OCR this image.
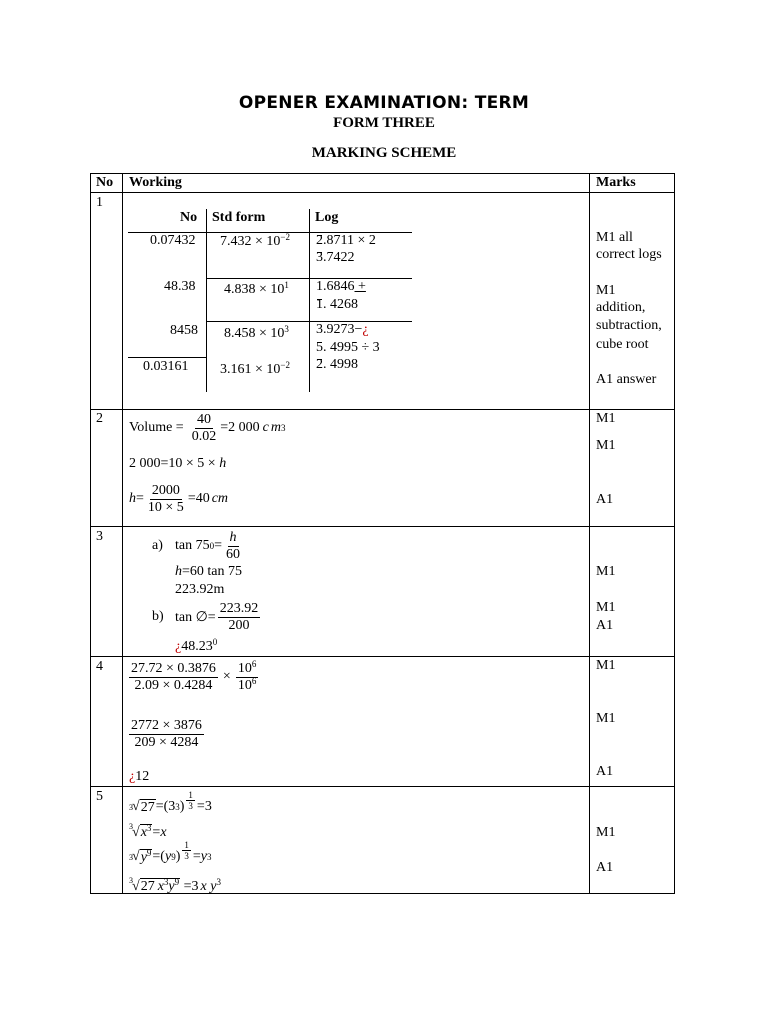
OPENER EXAMINATION: TERM
FORM THREE
MARKING SCHEME
No Working	Marks
1
No Std form	Log
0.07432
48.38
8458
0.03161
$7.432 \times 10^{-2}$
$4.838 \times 10^1$
$8.458 \times 10^3$
$3.161 \times 10^{-2}$
2.8711 × 2
3.7422
1.6846 +
1. 4268
3.9273−¿
5. 4995 ÷ 3
2. 4998
M1 all
correct logs
M1
addition,
subtraction,
cube root
A1 answer
2
Volume = $\frac{40}{0.02} =2$ 000 c m 3
2 000=10 × 5 × h
$h = \frac{2000}{10 \times 5} =40$ cm
M1
M1
A1
3
a) tan 75 $0 = \frac{h}{60}$
h=60 tan 75
223.92m
b) tan ∅= $\frac{223.92}{200}$
¿48.23$^0$
M1
M1
A1
$4 \frac{27.72 \times 0.3876}{2.09 \times 0.4284} \times \frac{10^6}{10^6}$
$\frac{2772 \times 3876}{209 \times 4284}$
¿12
M1
M1
A1
5
3 √ 27 =(3 3 ) $\frac{1}{3} =3$
$^3√x^3=x$
3 √ $y^9$ =( y 9 ) $\frac{1}{3} = y$ 3
$^3$√27 $x^3y^9 =3$ x $y^3$
M1
A1
